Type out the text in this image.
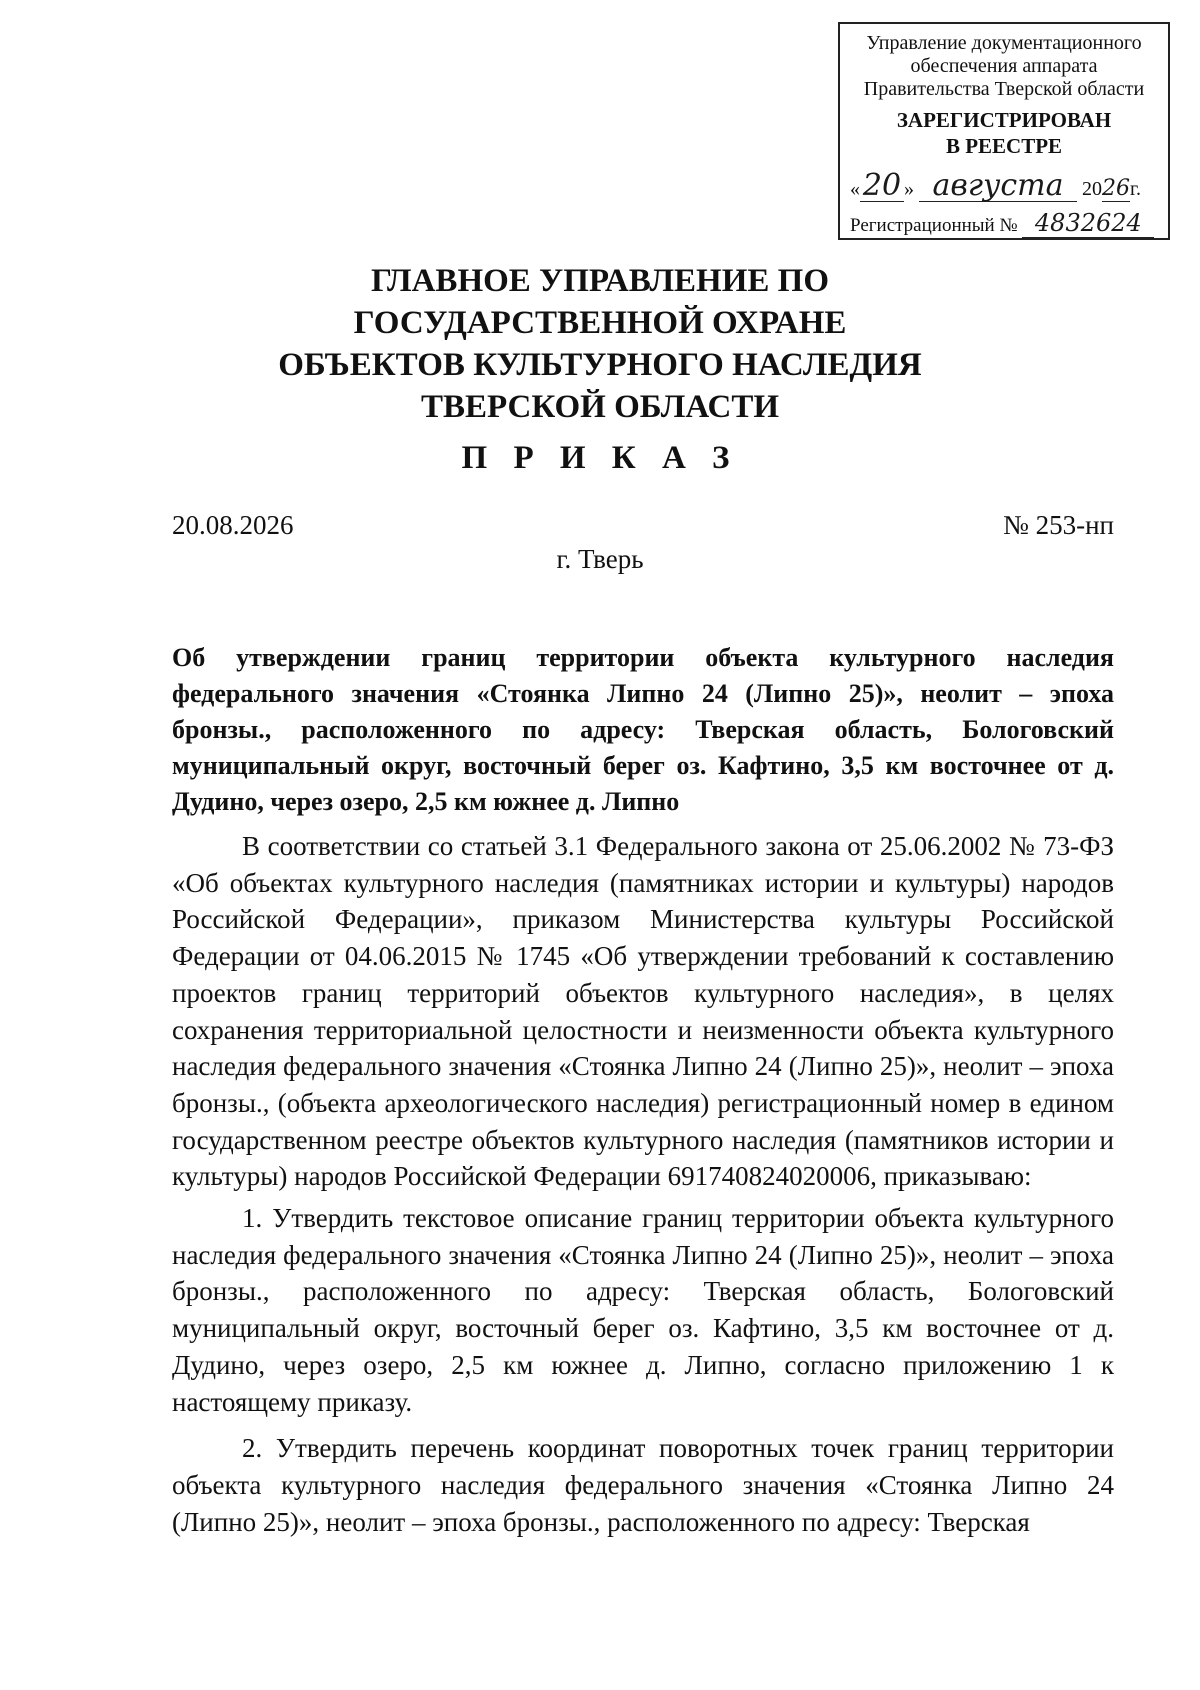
Управление документационного
обеспечения аппарата
Правительства Тверской области
ЗАРЕГИСТРИРОВАН
В РЕЕСТРЕ
«20 » августа 2026г.
Регистрационный № 4832624
ГЛАВНОЕ УПРАВЛЕНИЕ ПО
ГОСУДАРСТВЕННОЙ ОХРАНЕ
ОБЪЕКТОВ КУЛЬТУРНОГО НАСЛЕДИЯ
ТВЕРСКОЙ ОБЛАСТИ
П Р И К А З
20.08.2026	№ 253-нп
г. Тверь
Об утверждении границ территории объекта культурного наследия федерального значения «Стоянка Липно 24 (Липно 25)», неолит – эпоха бронзы., расположенного по адресу: Тверская область, Бологовский муниципальный округ, восточный берег оз. Кафтино, 3,5 км восточнее от д. Дудино, через озеро, 2,5 км южнее д. Липно

В соответствии со статьей 3.1 Федерального закона от 25.06.2002 № 73-ФЗ «Об объектах культурного наследия (памятниках истории и культуры) народов Российской Федерации», приказом Министерства культуры Российской Федерации от 04.06.2015 № 1745 «Об утверждении требований к составлению проектов границ территорий объектов культурного наследия», в целях сохранения территориальной целостности и неизменности объекта культурного наследия федерального значения «Стоянка Липно 24 (Липно 25)», неолит – эпоха бронзы., (объекта археологического наследия) регистрационный номер в едином государственном реестре объектов культурного наследия (памятников истории и культуры) народов Российской Федерации 691740824020006, приказываю:

1. Утвердить текстовое описание границ территории объекта культурного наследия федерального значения «Стоянка Липно 24 (Липно 25)», неолит – эпоха бронзы., расположенного по адресу: Тверская область, Бологовский муниципальный округ, восточный берег оз. Кафтино, 3,5 км восточнее от д. Дудино, через озеро, 2,5 км южнее д. Липно, согласно приложению 1 к настоящему приказу.

2. Утвердить перечень координат поворотных точек границ территории объекта культурного наследия федерального значения «Стоянка Липно 24 (Липно 25)», неолит – эпоха бронзы., расположенного по адресу: Тверская
